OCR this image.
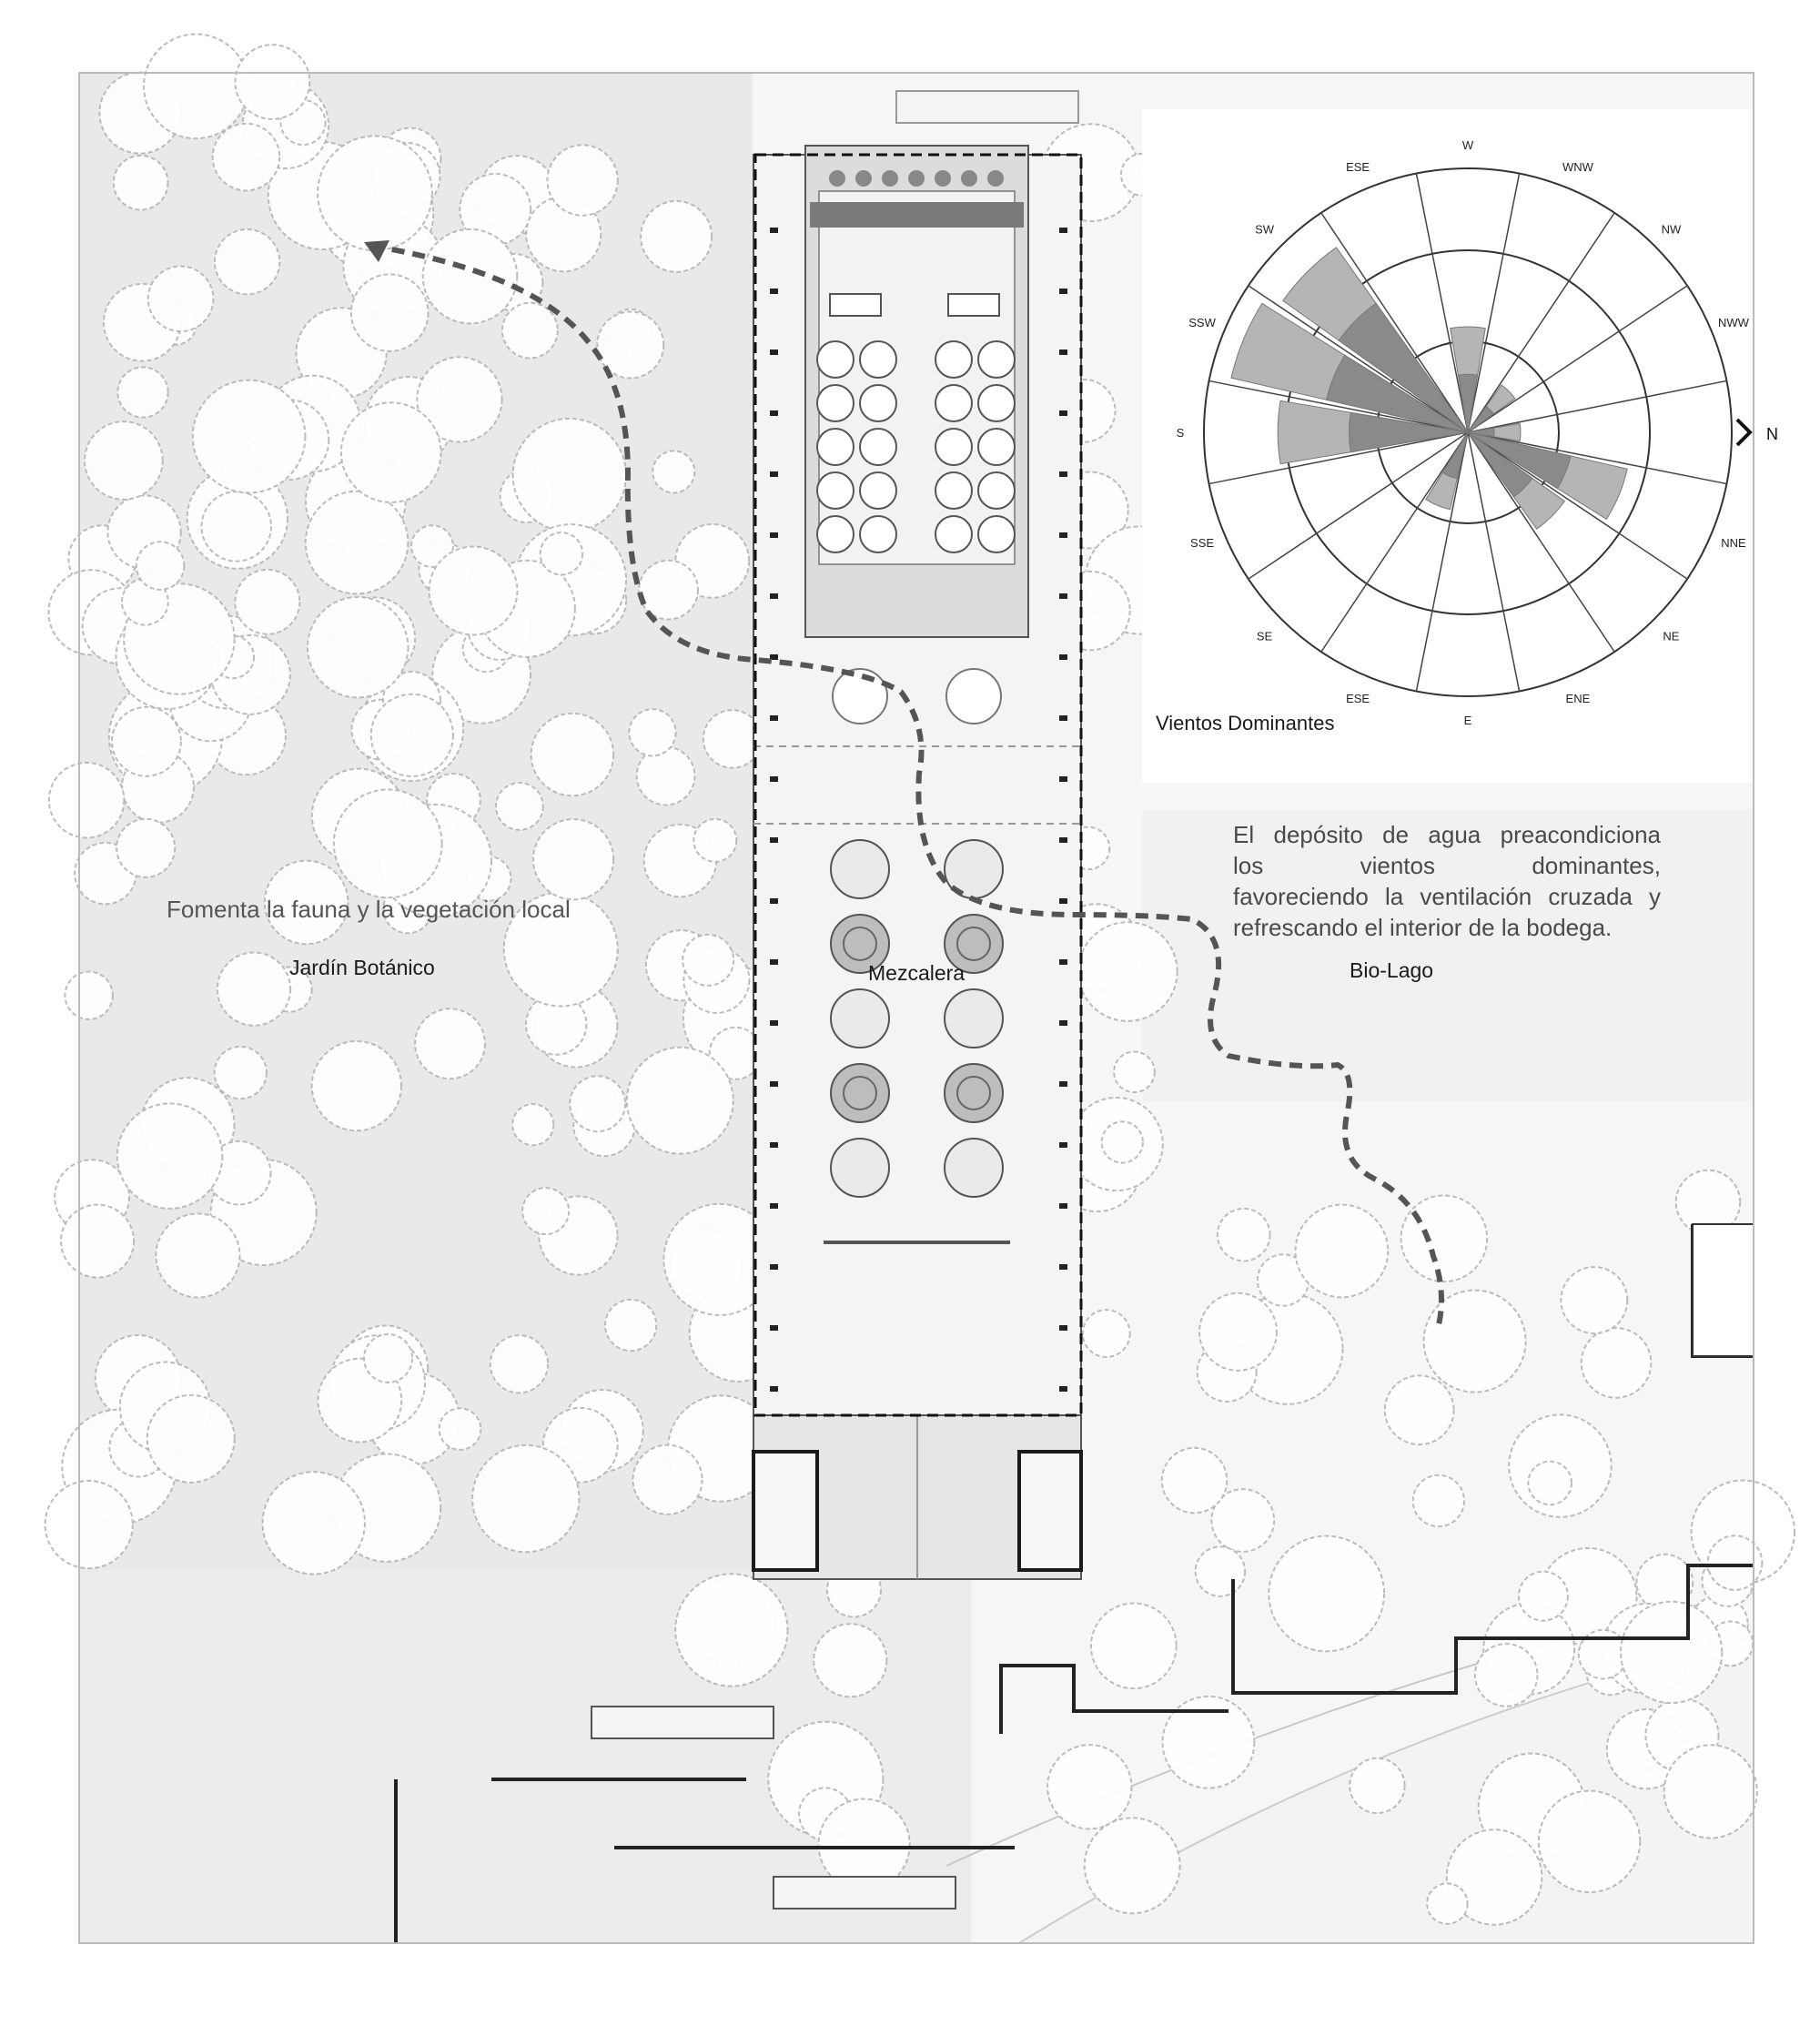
NNE
NE
ENE
E
ESE
SE
SSE
S
SSW
SW
ESE
W
WNW
NW
NWW
N
Fomenta la fauna y la vegetación local
Jardín Botánico	Mezcalera	Bio-Lago
Vientos Dominantes

El depósito de agua preacondiciona

los vientos dominantes,

favoreciendo la ventilación cruzada y

refrescando el interior de la bodega.
